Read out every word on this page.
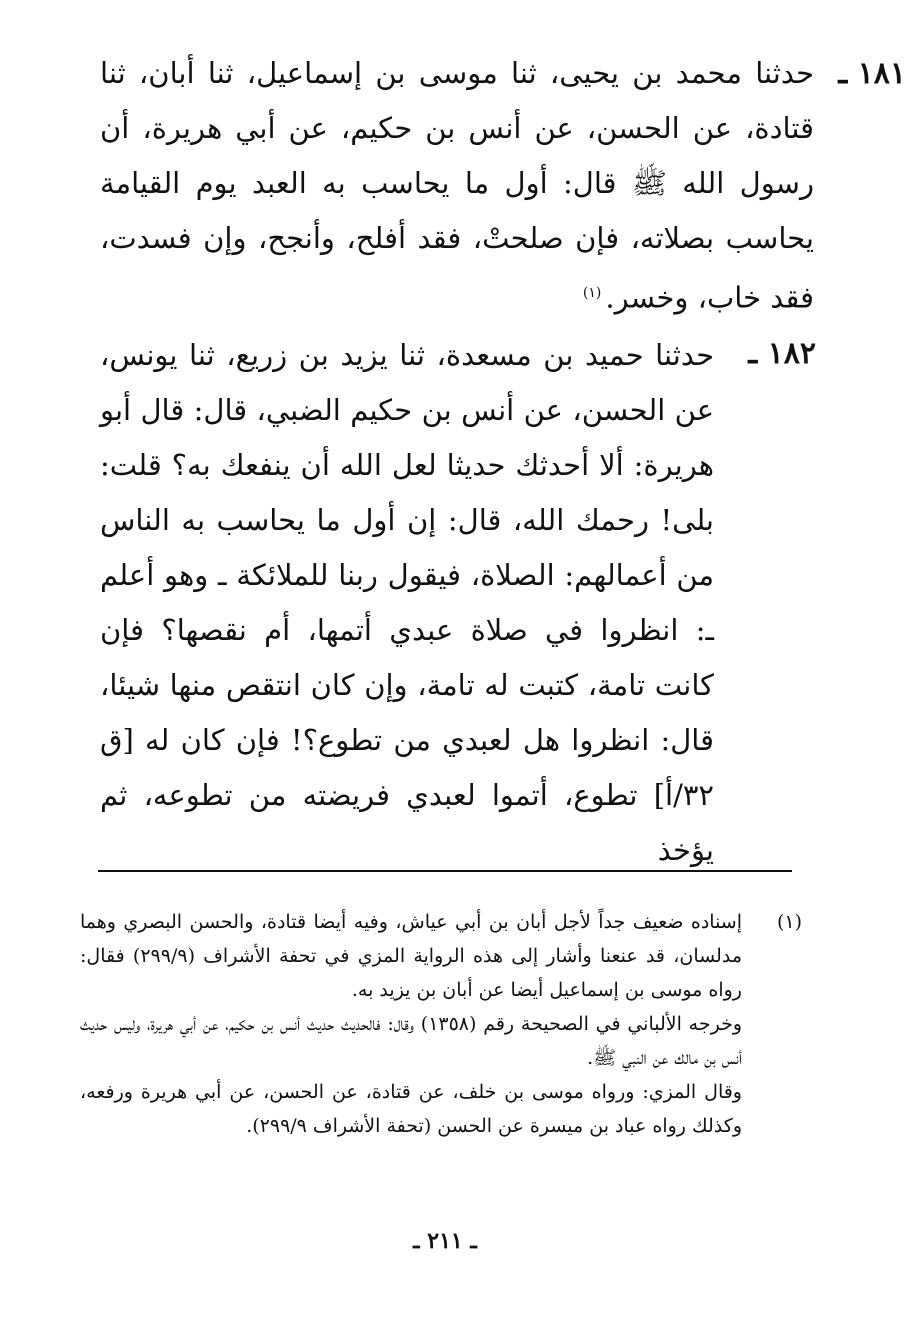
١٨١ ـ
حدثنا محمد بن يحيى، ثنا موسى بن إسماعيل، ثنا أبان، ثنا قتادة، عن الحسن، عن أنس بن حكيم، عن أبي هريرة، أن رسول الله ﷺ قال: أول ما يحاسب به العبد يوم القيامة يحاسب بصلاته، فإن صلحتْ، فقد أفلح، وأنجح، وإن فسدت، فقد خاب، وخسر.$^{(١)}$
١٨٢ ـ
حدثنا حميد بن مسعدة، ثنا يزيد بن زريع، ثنا يونس، عن الحسن، عن أنس بن حكيم الضبي، قال: قال أبو هريرة: ألا أحدثك حديثا لعل الله أن ينفعك به؟ قلت: بلى! رحمك الله، قال: إن أول ما يحاسب به الناس من أعمالهم: الصلاة، فيقول ربنا للملائكة ـ وهو أعلم ـ: انظروا في صلاة عبدي أتمها، أم نقصها؟ فإن كانت تامة، كتبت له تامة، وإن كان انتقص منها شيئا، قال: انظروا هل لعبدي من تطوع؟! فإن كان له [ق ٣٢/أ] تطوع، أتموا لعبدي فريضته من تطوعه، ثم يؤخذ
(١)

إسناده ضعيف جداً لأجل أبان بن أبي عياش، وفيه أيضا قتادة، والحسن البصري وهما مدلسان، قد عنعنا وأشار إلى هذه الرواية المزي في تحفة الأشراف (٢٩٩/٩) فقال: رواه موسى بن إسماعيل أيضا عن أبان بن يزيد به.

وخرجه الألباني في الصحيحة رقم (١٣٥٨) وقال: فالحديث حديث أنس بن حكيم، عن أبي هريرة، وليس حديث أنس بن مالك عن النبي ﷺ.

وقال المزي: ورواه موسى بن خلف، عن قتادة، عن الحسن، عن أبي هريرة ورفعه، وكذلك رواه عباد بن ميسرة عن الحسن (تحفة الأشراف ٢٩٩/٩).

ـ ٢١١ ـ
